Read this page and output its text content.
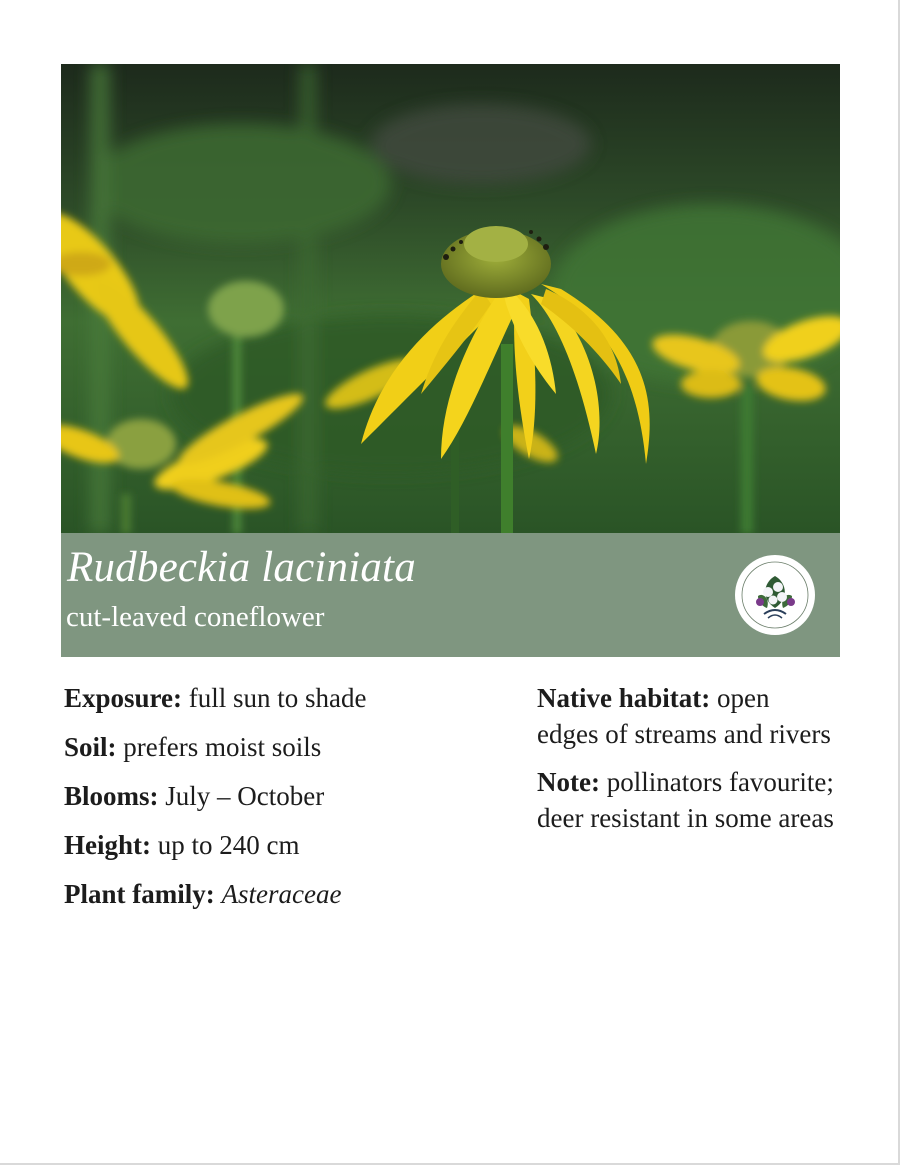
Rudbeckia laciniata
cut-leaved coneflower
Exposure: full sun to shade
Soil: prefers moist soils
Blooms: July – October
Height: up to 240 cm
Plant family: Asteraceae
Native habitat: open edges of streams and rivers
Note: pollinators favourite; deer resistant in some areas
